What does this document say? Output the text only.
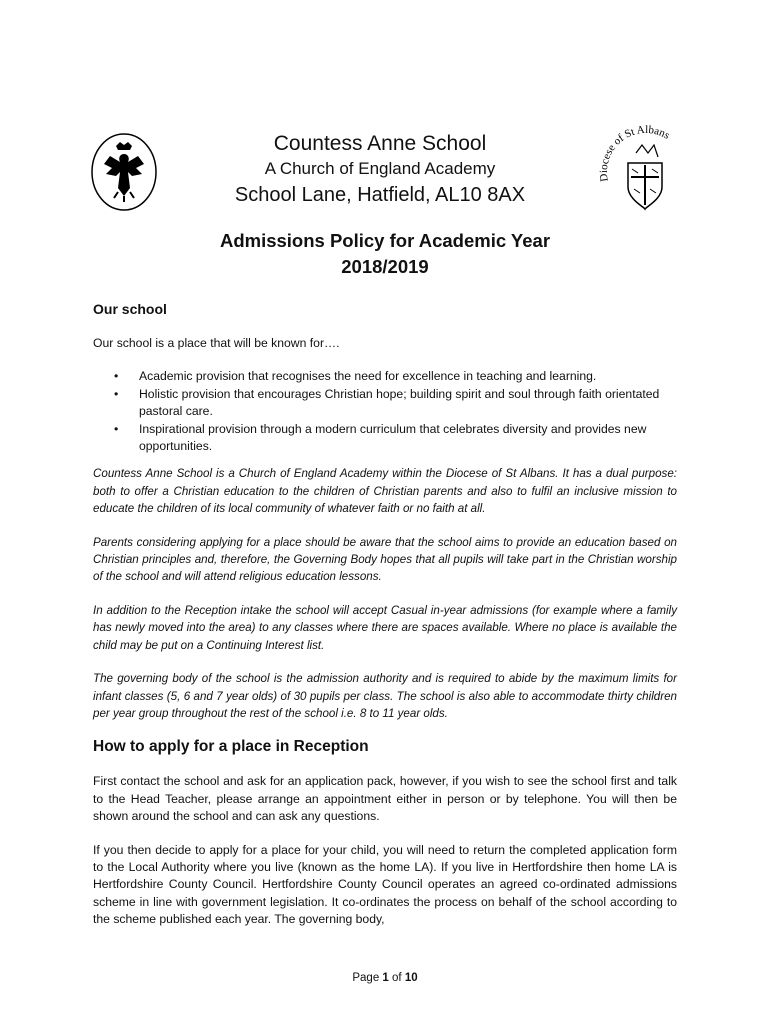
Countess Anne School
A Church of England Academy
School Lane, Hatfield, AL10 8AX
Diocese of St Albans
Admissions Policy for Academic Year
2018/2019
Our school

Our school is a place that will be known for….

• Academic provision that recognises the need for excellence in teaching and learning.
• Holistic provision that encourages Christian hope; building spirit and soul through faith orientated pastoral care.
• Inspirational provision through a modern curriculum that celebrates diversity and provides new opportunities.

Countess Anne School is a Church of England Academy within the Diocese of St Albans. It has a dual purpose: both to offer a Christian education to the children of Christian parents and also to fulfil an inclusive mission to educate the children of its local community of whatever faith or no faith at all.

Parents considering applying for a place should be aware that the school aims to provide an education based on Christian principles and, therefore, the Governing Body hopes that all pupils will take part in the Christian worship of the school and will attend religious education lessons.

In addition to the Reception intake the school will accept Casual in-year admissions (for example where a family has newly moved into the area) to any classes where there are spaces available. Where no place is available the child may be put on a Continuing Interest list.

The governing body of the school is the admission authority and is required to abide by the maximum limits for infant classes (5, 6 and 7 year olds) of 30 pupils per class. The school is also able to accommodate thirty children per year group throughout the rest of the school i.e. 8 to 11 year olds.

How to apply for a place in Reception

First contact the school and ask for an application pack, however, if you wish to see the school first and talk to the Head Teacher, please arrange an appointment either in person or by telephone. You will then be shown around the school and can ask any questions.

If you then decide to apply for a place for your child, you will need to return the completed application form to the Local Authority where you live (known as the home LA). If you live in Hertfordshire then home LA is Hertfordshire County Council. Hertfordshire County Council operates an agreed co-ordinated admissions scheme in line with government legislation. It co-ordinates the process on behalf of the school according to the scheme published each year. The governing body,

Page 1 of 10
